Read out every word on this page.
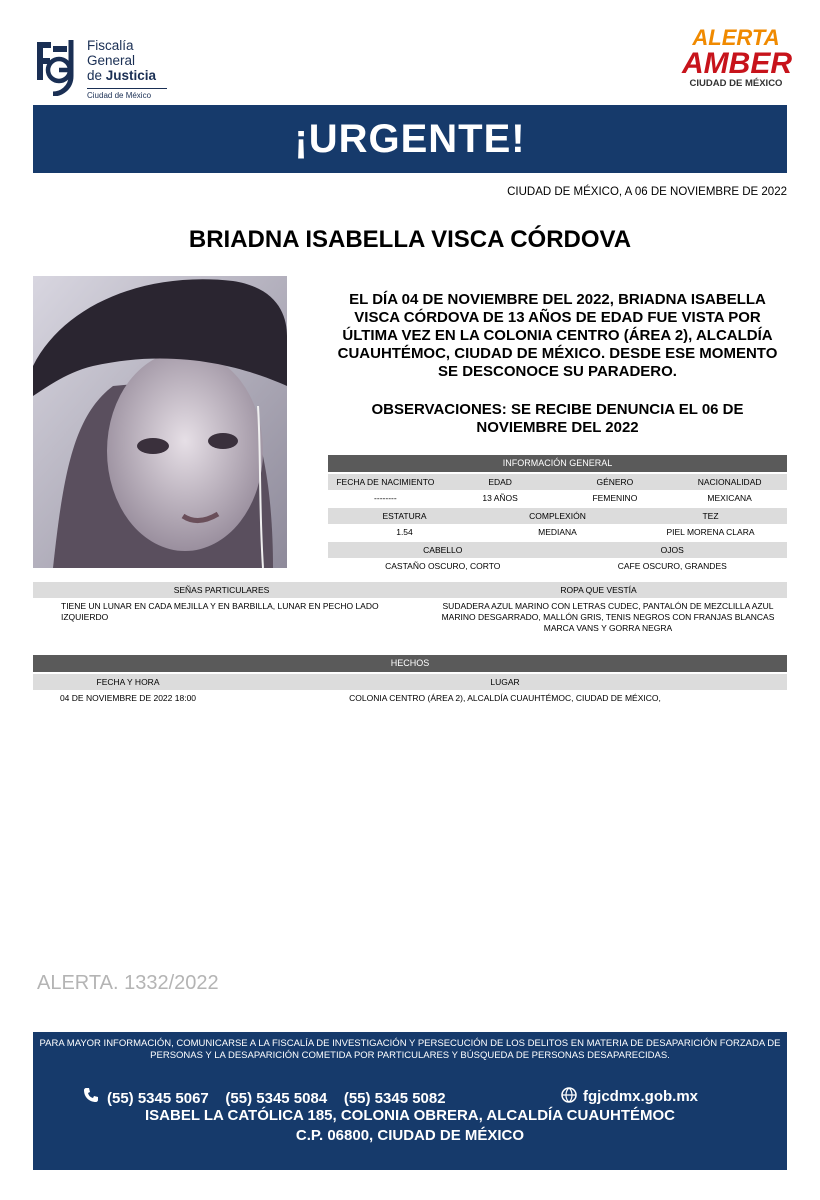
Fiscalía
General
de Justicia
Ciudad de México
ALERTA
AMBER
CIUDAD DE MÉXICO
¡URGENTE!
CIUDAD DE MÉXICO, A 06 DE NOVIEMBRE DE 2022
BRIADNA ISABELLA VISCA CÓRDOVA
EL DÍA 04 DE NOVIEMBRE DEL 2022, BRIADNA ISABELLA VISCA CÓRDOVA DE 13 AÑOS DE EDAD FUE VISTA POR ÚLTIMA VEZ EN LA COLONIA CENTRO (ÁREA 2), ALCALDÍA CUAUHTÉMOC, CIUDAD DE MÉXICO. DESDE ESE MOMENTO SE DESCONOCE SU PARADERO.
OBSERVACIONES: SE RECIBE DENUNCIA EL 06 DE NOVIEMBRE DEL 2022
INFORMACIÓN GENERAL
FECHA DE NACIMIENTO	EDAD	GÉNERO	NACIONALIDAD
--------	13 AÑOS	FEMENINO	MEXICANA
ESTATURA	COMPLEXIÓN	TEZ
1.54	MEDIANA	PIEL MORENA CLARA
CABELLO	OJOS
CASTAÑO OSCURO, CORTO	CAFE OSCURO, GRANDES
SEÑAS PARTICULARES	ROPA QUE VESTÍA
TIENE UN LUNAR EN CADA MEJILLA Y EN BARBILLA, LUNAR EN PECHO LADO IZQUIERDO
SUDADERA AZUL MARINO CON LETRAS CUDEC, PANTALÓN DE MEZCLILLA AZUL MARINO DESGARRADO, MALLÓN GRIS, TENIS NEGROS CON FRANJAS BLANCAS MARCA VANS Y GORRA NEGRA
HECHOS
FECHA Y HORA	LUGAR
04 DE NOVIEMBRE DE 2022 18:00	COLONIA CENTRO (ÁREA 2), ALCALDÍA CUAUHTÉMOC, CIUDAD DE MÉXICO,
ALERTA. 1332/2022
PARA MAYOR INFORMACIÓN, COMUNICARSE A LA FISCALÍA DE INVESTIGACIÓN Y PERSECUCIÓN DE LOS DELITOS EN MATERIA DE DESAPARICIÓN FORZADA DE PERSONAS Y LA DESAPARICIÓN COMETIDA POR PARTICULARES Y BÚSQUEDA DE PERSONAS DESAPARECIDAS.
(55) 5345 5067    (55) 5345 5084    (55) 5345 5082	fgjcdmx.gob.mx
ISABEL LA CATÓLICA 185, COLONIA OBRERA, ALCALDÍA CUAUHTÉMOC
C.P. 06800, CIUDAD DE MÉXICO
